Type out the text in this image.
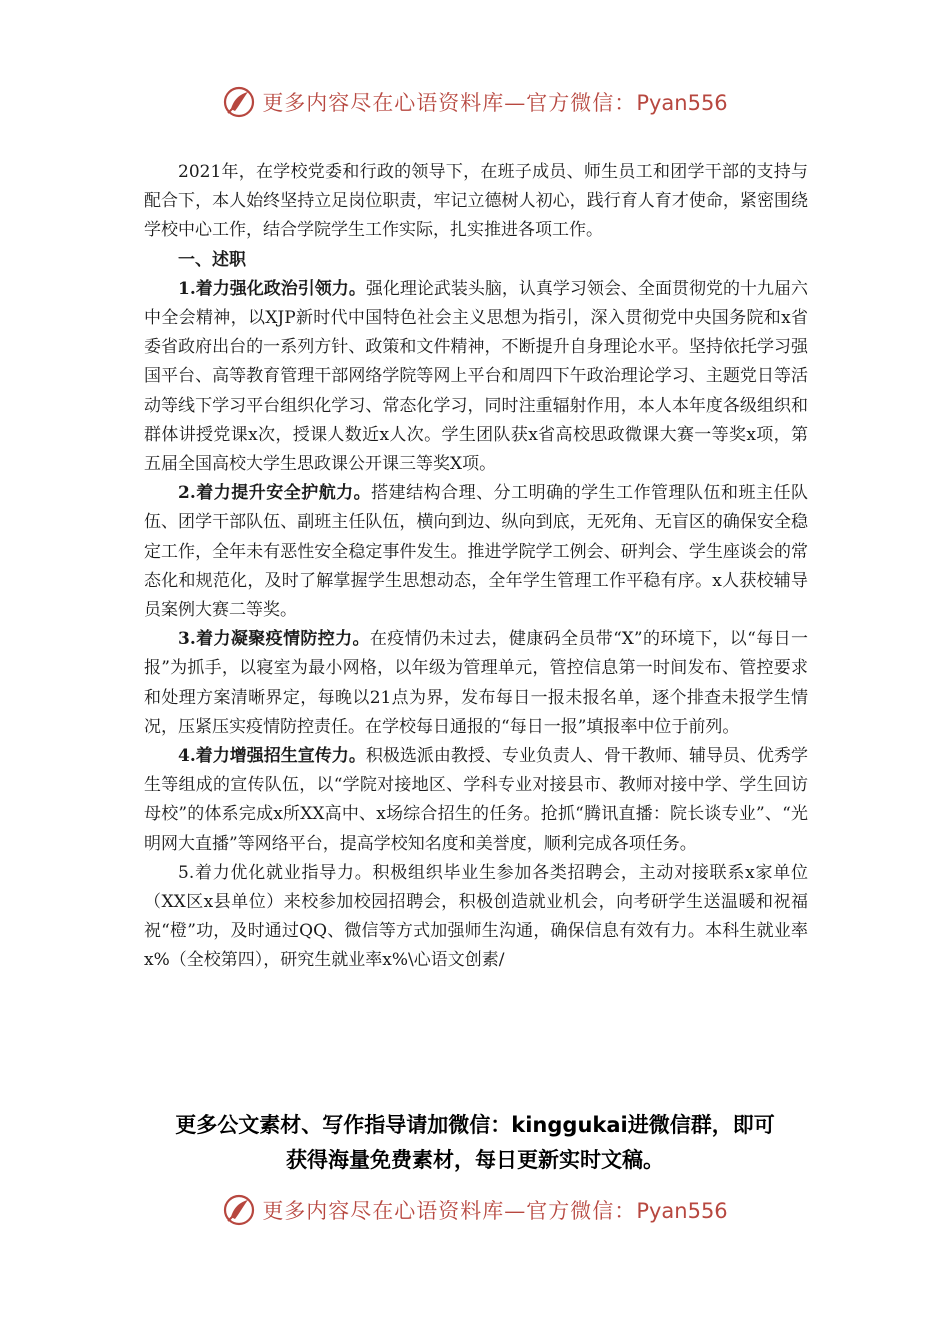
更多内容尽在心语资料库—官方微信：Pyan556

2021年，在学校党委和行政的领导下，在班子成员、师生员工和团学干部的支持与配合下，本人始终坚持立足岗位职责，牢记立德树人初心，践行育人育才使命，紧密围绕学校中心工作，结合学院学生工作实际，扎实推进各项工作。

一、述职

1.着力强化政治引领力。强化理论武装头脑，认真学习领会、全面贯彻党的十九届六中全会精神，以XJP新时代中国特色社会主义思想为指引，深入贯彻党中央国务院和x省委省政府出台的一系列方针、政策和文件精神，不断提升自身理论水平。坚持依托学习强国平台、高等教育管理干部网络学院等网上平台和周四下午政治理论学习、主题党日等活动等线下学习平台组织化学习、常态化学习，同时注重辐射作用，本人本年度各级组织和群体讲授党课x次，授课人数近x人次。学生团队获x省高校思政微课大赛一等奖x项，第五届全国高校大学生思政课公开课三等奖X项。

2.着力提升安全护航力。搭建结构合理、分工明确的学生工作管理队伍和班主任队伍、团学干部队伍、副班主任队伍，横向到边、纵向到底，无死角、无盲区的确保安全稳定工作，全年未有恶性安全稳定事件发生。推进学院学工例会、研判会、学生座谈会的常态化和规范化，及时了解掌握学生思想动态，全年学生管理工作平稳有序。x人获校辅导员案例大赛二等奖。

3.着力凝聚疫情防控力。在疫情仍未过去，健康码全员带“X”的环境下，以“每日一报”为抓手，以寝室为最小网格，以年级为管理单元，管控信息第一时间发布、管控要求和处理方案清晰界定，每晚以21点为界，发布每日一报未报名单，逐个排查未报学生情况，压紧压实疫情防控责任。在学校每日通报的“每日一报”填报率中位于前列。

4.着力增强招生宣传力。积极选派由教授、专业负责人、骨干教师、辅导员、优秀学生等组成的宣传队伍，以“学院对接地区、学科专业对接县市、教师对接中学、学生回访母校”的体系完成x所XX高中、x场综合招生的任务。抢抓“腾讯直播：院长谈专业”、“光明网大直播”等网络平台，提高学校知名度和美誉度，顺利完成各项任务。

5.着力优化就业指导力。积极组织毕业生参加各类招聘会，主动对接联系x家单位（XX区x县单位）来校参加校园招聘会，积极创造就业机会，向考研学生送温暖和祝福祝“橙”功，及时通过QQ、微信等方式加强师生沟通，确保信息有效有力。本科生就业率x%（全校第四），研究生就业率x%\心语文创素/

更多公文素材、写作指导请加微信：kinggukai进微信群，即可
获得海量免费素材，每日更新实时文稿。
更多内容尽在心语资料库—官方微信：Pyan556
